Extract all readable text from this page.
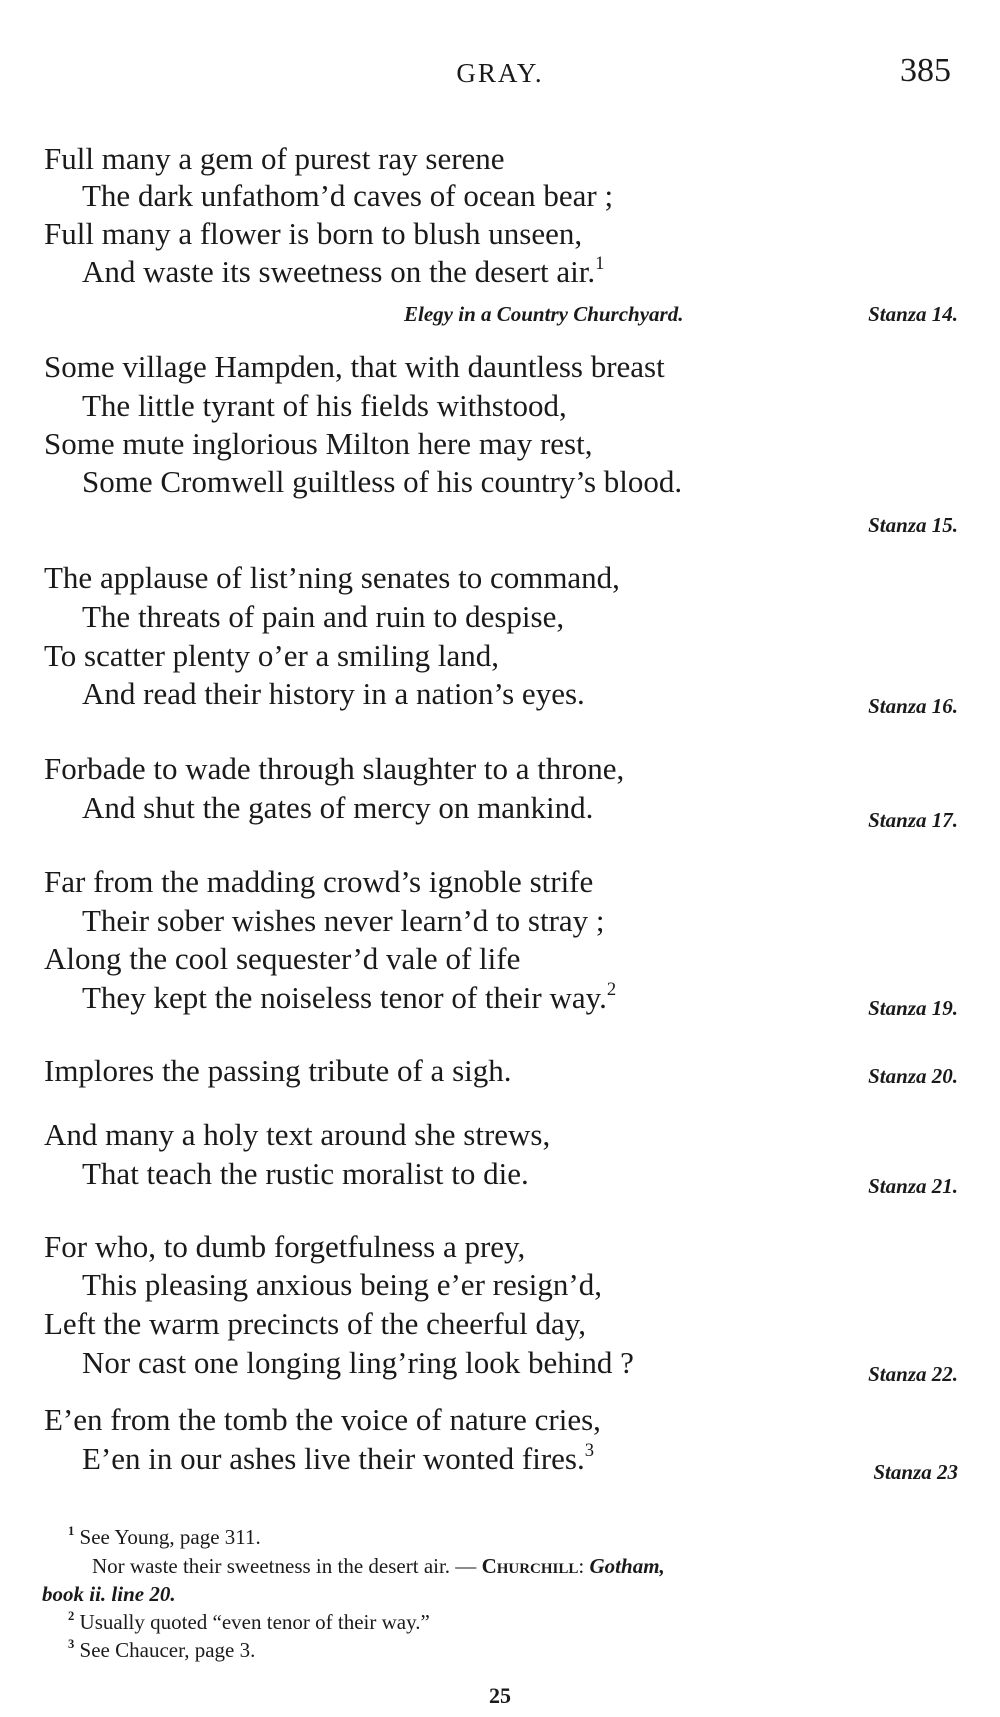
GRAY.	385
Full many a gem of purest ray serene
The dark unfathom’d caves of ocean bear ;
Full many a flower is born to blush unseen,
And waste its sweetness on the desert air.$^1$
Elegy in a Country Churchyard.	Stanza 14.
Some village Hampden, that with dauntless breast
The little tyrant of his fields withstood,
Some mute inglorious Milton here may rest,
Some Cromwell guiltless of his country’s blood.
Stanza 15.
The applause of list’ning senates to command,
The threats of pain and ruin to despise,
To scatter plenty o’er a smiling land,
And read their history in a nation’s eyes.	Stanza 16.
Forbade to wade through slaughter to a throne,
And shut the gates of mercy on mankind.	Stanza 17.
Far from the madding crowd’s ignoble strife
Their sober wishes never learn’d to stray ;
Along the cool sequester’d vale of life
They kept the noiseless tenor of their way.$^2$
Stanza 19.
Implores the passing tribute of a sigh.	Stanza 20.
And many a holy text around she strews,
That teach the rustic moralist to die.	Stanza 21.
For who, to dumb forgetfulness a prey,
This pleasing anxious being e’er resign’d,
Left the warm precincts of the cheerful day,
Nor cast one longing ling’ring look behind ?	Stanza 22.
E’en from the tomb the voice of nature cries,
E’en in our ashes live their wonted fires.$^3$
Stanza 23
$^1$ See Young, page 311.
Nor waste their sweetness in the desert air. — Churchill: Gotham,
book ii. line 20.
$^2$ Usually quoted “even tenor of their way.”
$^3$ See Chaucer, page 3.
25
